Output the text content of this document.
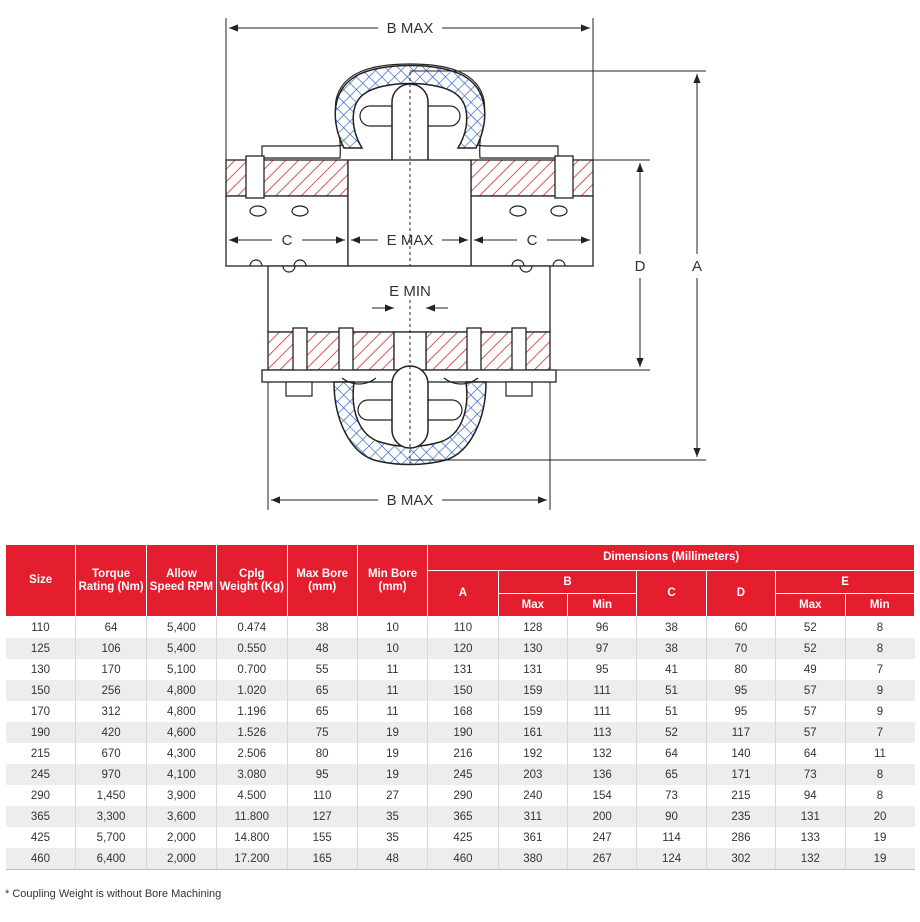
B MAX
C	E MAX	C
E MIN
B MAX
D	A
Size	Torque Rating (Nm)	Allow Speed RPM	Cplg Weight (Kg)	Max Bore (mm)	Min Bore (mm)	Dimensions (Millimeters)						
						A	B		C	D	E	
							Max	Min			Max	Min
110	64	5,400	0.474	38	10	110	128	96	38	60	52	8
125	106	5,400	0.550	48	10	120	130	97	38	70	52	8
130	170	5,100	0.700	55	11	131	131	95	41	80	49	7
150	256	4,800	1.020	65	11	150	159	111	51	95	57	9
170	312	4,800	1.196	65	11	168	159	111	51	95	57	9
190	420	4,600	1.526	75	19	190	161	113	52	117	57	7
215	670	4,300	2.506	80	19	216	192	132	64	140	64	11
245	970	4,100	3.080	95	19	245	203	136	65	171	73	8
290	1,450	3,900	4.500	110	27	290	240	154	73	215	94	8
365	3,300	3,600	11.800	127	35	365	311	200	90	235	131	20
425	5,700	2,000	14.800	155	35	425	361	247	114	286	133	19
460	6,400	2,000	17.200	165	48	460	380	267	124	302	132	19
* Coupling Weight is without Bore Machining
